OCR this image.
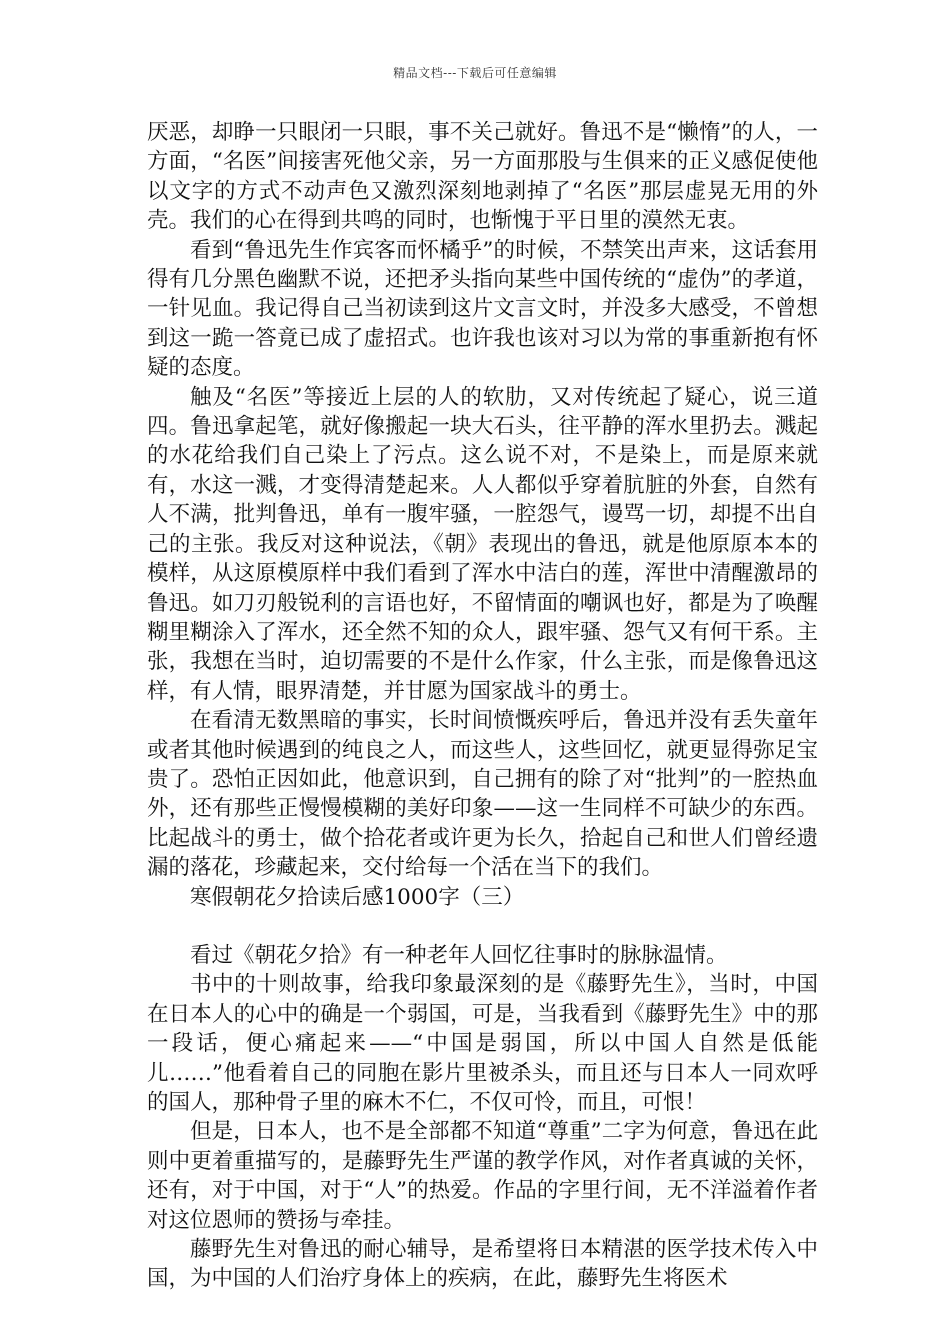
精品文档---下载后可任意编辑

厌恶，却睁一只眼闭一只眼，事不关己就好。鲁迅不是“懒惰”的人，一方面，“名医”间接害死他父亲，另一方面那股与生俱来的正义感促使他以文字的方式不动声色又激烈深刻地剥掉了“名医”那层虚晃无用的外壳。我们的心在得到共鸣的同时，也惭愧于平日里的漠然无衷。

看到“鲁迅先生作宾客而怀橘乎”的时候，不禁笑出声来，这话套用得有几分黑色幽默不说，还把矛头指向某些中国传统的“虚伪”的孝道，一针见血。我记得自己当初读到这片文言文时，并没多大感受，不曾想到这一跪一答竟已成了虚招式。也许我也该对习以为常的事重新抱有怀疑的态度。

触及“名医”等接近上层的人的软肋，又对传统起了疑心，说三道四。鲁迅拿起笔，就好像搬起一块大石头，往平静的浑水里扔去。溅起的水花给我们自己染上了污点。这么说不对，不是染上，而是原来就有，水这一溅，才变得清楚起来。人人都似乎穿着肮脏的外套，自然有人不满，批判鲁迅，单有一腹牢骚，一腔怨气，谩骂一切，却提不出自己的主张。我反对这种说法，《朝》表现出的鲁迅，就是他原原本本的模样，从这原模原样中我们看到了浑水中洁白的莲，浑世中清醒激昂的鲁迅。如刀刃般锐利的言语也好，不留情面的嘲讽也好，都是为了唤醒糊里糊涂入了浑水，还全然不知的众人，跟牢骚、怨气又有何干系。主张，我想在当时，迫切需要的不是什么作家，什么主张，而是像鲁迅这样，有人情，眼界清楚，并甘愿为国家战斗的勇士。

在看清无数黑暗的事实，长时间愤慨疾呼后，鲁迅并没有丢失童年或者其他时候遇到的纯良之人，而这些人，这些回忆，就更显得弥足宝贵了。恐怕正因如此，他意识到，自己拥有的除了对“批判”的一腔热血外，还有那些正慢慢模糊的美好印象——这一生同样不可缺少的东西。比起战斗的勇士，做个拾花者或许更为长久，拾起自己和世人们曾经遗漏的落花，珍藏起来，交付给每一个活在当下的我们。

寒假朝花夕拾读后感1000字（三）

看过《朝花夕拾》有一种老年人回忆往事时的脉脉温情。

书中的十则故事，给我印象最深刻的是《藤野先生》，当时，中国在日本人的心中的确是一个弱国，可是，当我看到《藤野先生》中的那一段话，便心痛起来——“中国是弱国，所以中国人自然是低能儿……”他看着自己的同胞在影片里被杀头，而且还与日本人一同欢呼的国人，那种骨子里的麻木不仁，不仅可怜，而且，可恨！

但是，日本人，也不是全部都不知道“尊重”二字为何意，鲁迅在此则中更着重描写的，是藤野先生严谨的教学作风，对作者真诚的关怀，还有，对于中国，对于“人”的热爱。作品的字里行间，无不洋溢着作者对这位恩师的赞扬与牵挂。

藤野先生对鲁迅的耐心辅导，是希望将日本精湛的医学技术传入中国，为中国的人们治疗身体上的疾病，在此，藤野先生将医术
